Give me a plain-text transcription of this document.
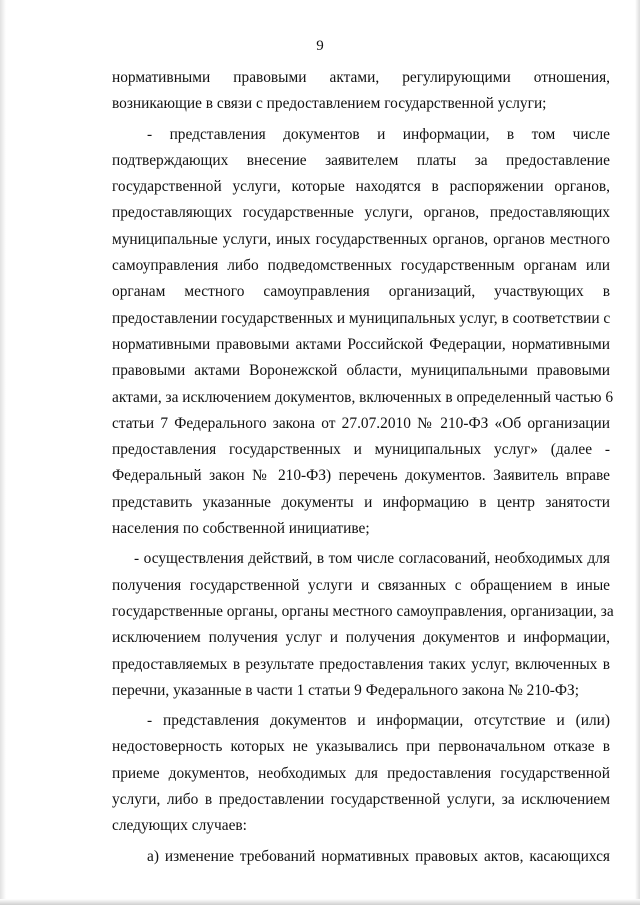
9
нормативными правовыми актами, регулирующими отношения,
возникающие в связи с предоставлением государственной услуги;
- представления документов и информации, в том числе
подтверждающих внесение заявителем платы за предоставление
государственной услуги, которые находятся в распоряжении органов,
предоставляющих государственные услуги, органов, предоставляющих
муниципальные услуги, иных государственных органов, органов местного
самоуправления либо подведомственных государственным органам или
органам местного самоуправления организаций, участвующих в
предоставлении государственных и муниципальных услуг, в соответствии с
нормативными правовыми актами Российской Федерации, нормативными
правовыми актами Воронежской области, муниципальными правовыми
актами, за исключением документов, включенных в определенный частью 6
статьи 7 Федерального закона от 27.07.2010 № 210-ФЗ «Об организации
предоставления государственных и муниципальных услуг» (далее -
Федеральный закон № 210-ФЗ) перечень документов. Заявитель вправе
представить указанные документы и информацию в центр занятости
населения по собственной инициативе;
- осуществления действий, в том числе согласований, необходимых для
получения государственной услуги и связанных с обращением в иные
государственные органы, органы местного самоуправления, организации, за
исключением получения услуг и получения документов и информации,
предоставляемых в результате предоставления таких услуг, включенных в
перечни, указанные в части 1 статьи 9 Федерального закона № 210-ФЗ;
- представления документов и информации, отсутствие и (или)
недостоверность которых не указывались при первоначальном отказе в
приеме документов, необходимых для предоставления государственной
услуги, либо в предоставлении государственной услуги, за исключением
следующих случаев:
а) изменение требований нормативных правовых актов, касающихся
